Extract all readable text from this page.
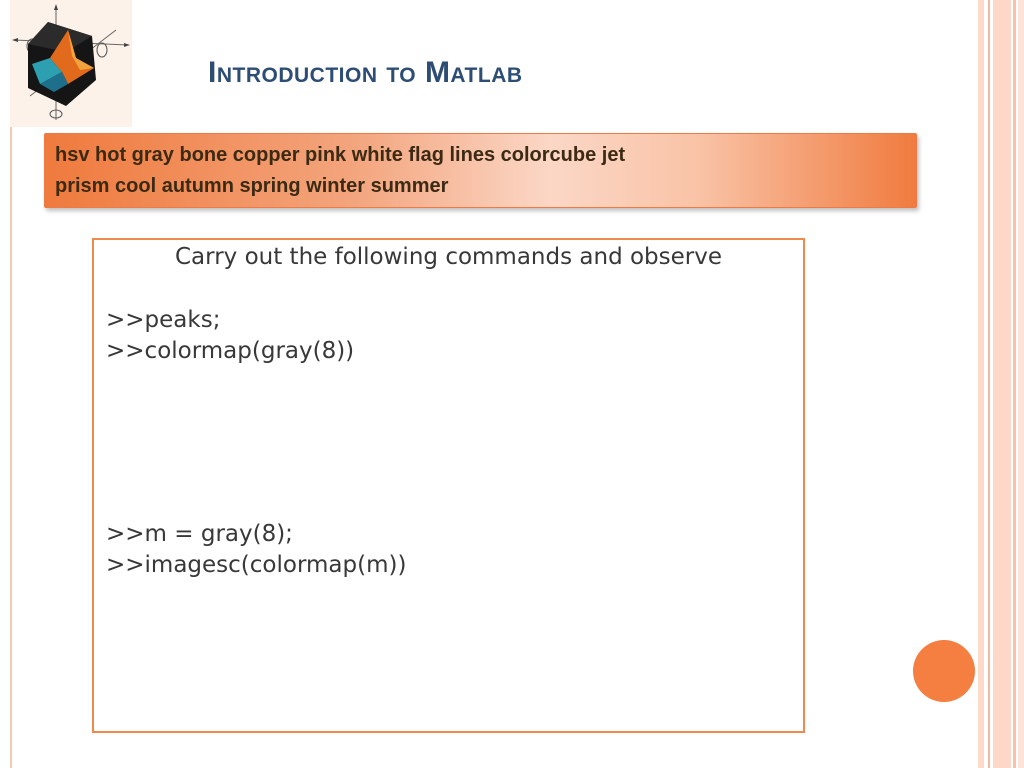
Introduction to Matlab
hsv hot gray bone copper pink white flag lines colorcube jet
prism cool autumn spring winter summer
Carry out the following commands and observe
>>peaks;
>>colormap(gray(8))
>>m = gray(8);
>>imagesc(colormap(m))
